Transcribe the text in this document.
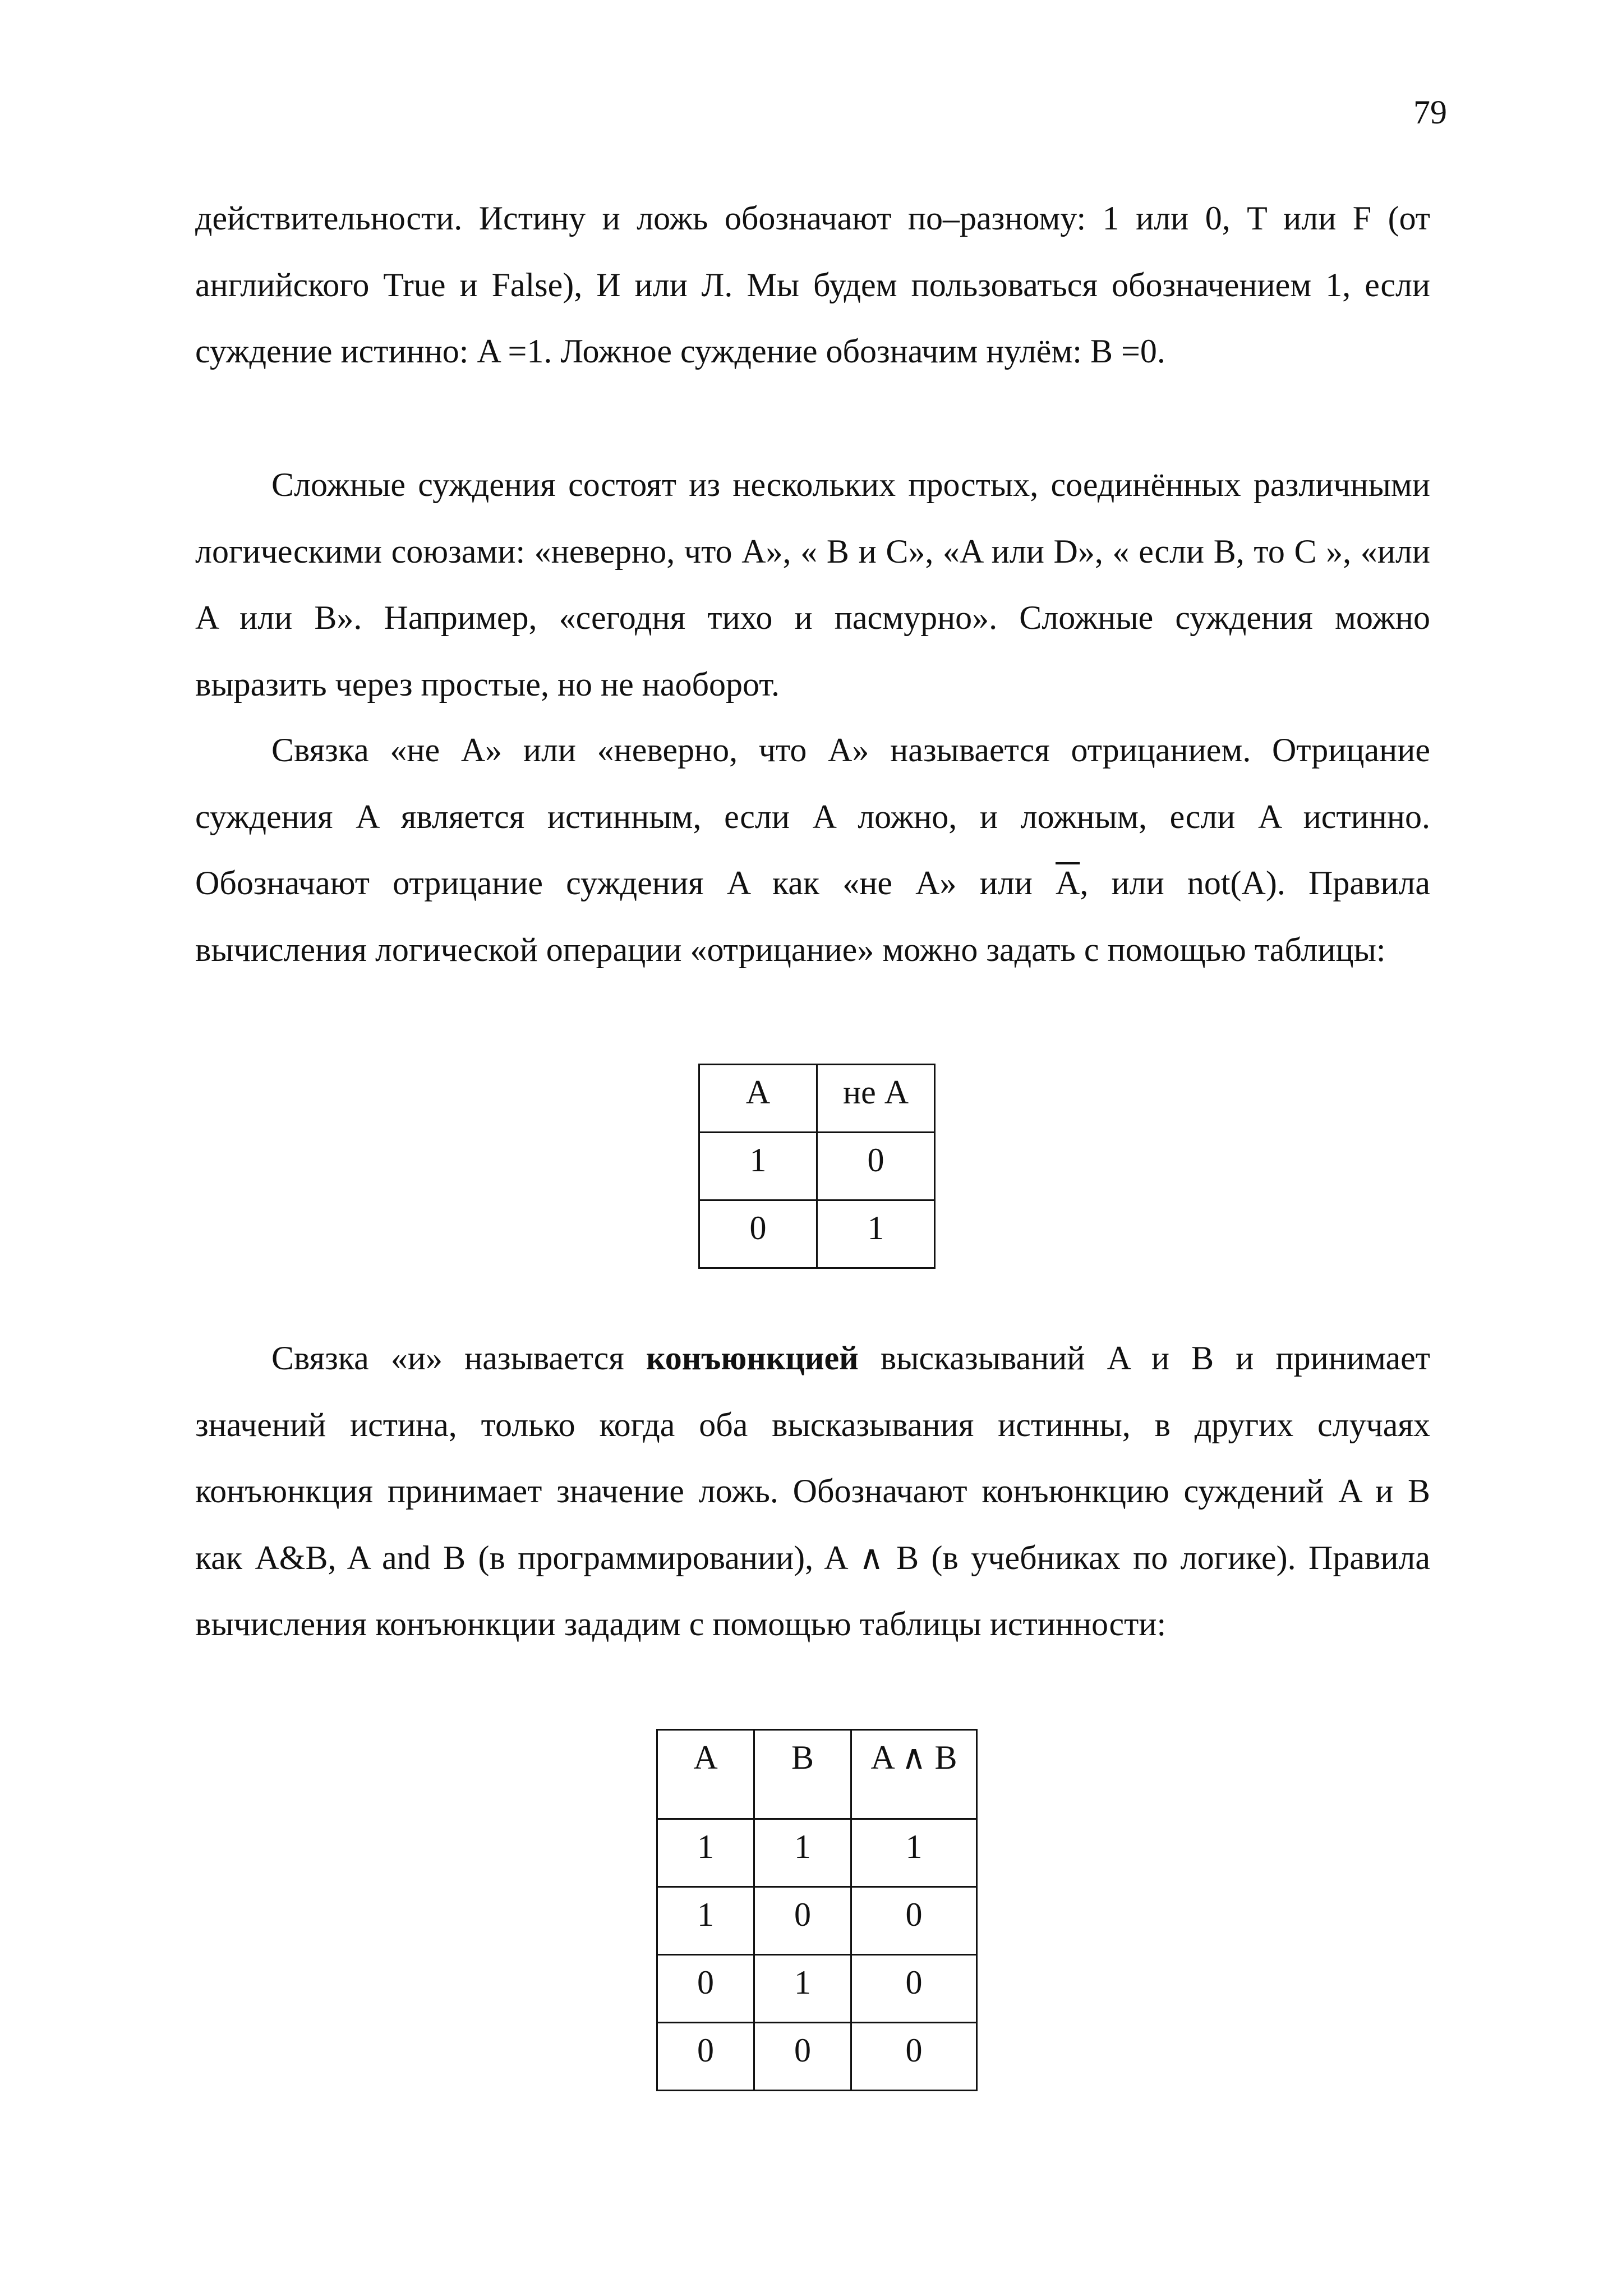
79

действительности. Истину и ложь обозначают по–разному: 1 или 0, T или F (от английского True и False), И или Л. Мы будем пользоваться обозначением 1, если суждение истинно: A =1. Ложное суждение обозначим нулём: B =0.

Сложные суждения состоят из нескольких простых, соединённых различными логическими союзами: «неверно, что A», « B и C», «A или D», « если B, то C », «или A или B». Например, «сегодня тихо и пасмурно». Сложные суждения можно выразить через простые, но не наоборот.

Связка «не A» или «неверно, что A» называется отрицанием. Отрицание суждения A является истинным, если A ложно, и ложным, если A истинно. Обозначают отрицание суждения A как «не A» или $\overline{A}$, или not(A). Правила вычисления логической операции «отрицание» можно задать с помощью таблицы:

A	не A
1	0
0	1

Связка «и» называется конъюнкцией высказываний A и B и принимает значений истина, только когда оба высказывания истинны, в других случаях конъюнкция принимает значение ложь. Обозначают конъюнкцию суждений A и B как A&B, A and B (в программировании), A ∧ B (в учебниках по логике). Правила вычисления конъюнкции зададим с помощью таблицы истинности:

A	B	A ∧ B
1	1	1
1	0	0
0	1	0
0	0	0
